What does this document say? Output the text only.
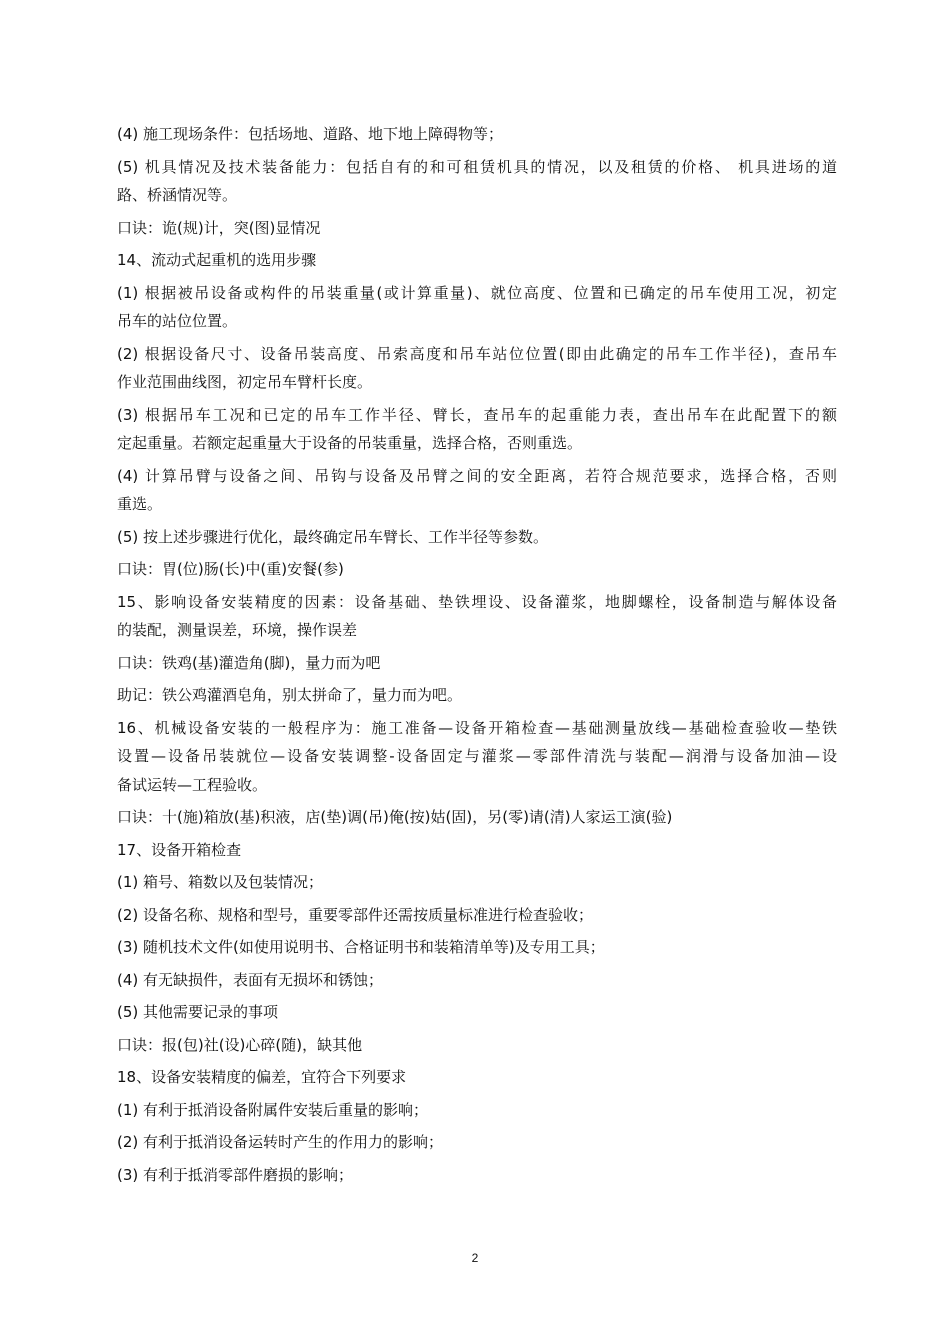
(4) 施工现场条件：包括场地、道路、地下地上障碍物等；
(5) 机具情况及技术装备能力：包括自有的和可租赁机具的情况，以及租赁的价格、 机具进场的道
路、桥涵情况等。
口诀：诡(规)计，突(图)显情况
14、流动式起重机的选用步骤
(1) 根据被吊设备或构件的吊装重量(或计算重量)、就位高度、位置和已确定的吊车使用工况，初定
吊车的站位位置。
(2) 根据设备尺寸、设备吊装高度、吊索高度和吊车站位位置(即由此确定的吊车工作半径)，查吊车
作业范围曲线图，初定吊车臂杆长度。
(3) 根据吊车工况和已定的吊车工作半径、臂长，查吊车的起重能力表，查出吊车在此配置下的额
定起重量。若额定起重量大于设备的吊装重量，选择合格，否则重选。
(4) 计算吊臂与设备之间、吊钩与设备及吊臂之间的安全距离，若符合规范要求，选择合格，否则
重选。
(5) 按上述步骤进行优化，最终确定吊车臂长、工作半径等参数。
口诀：胃(位)肠(长)中(重)安餐(参)
15、影响设备安装精度的因素：设备基础、垫铁埋设、设备灌浆，地脚螺栓，设备制造与解体设备
的装配，测量误差，环境，操作误差
口诀：铁鸡(基)灌造角(脚)，量力而为吧
助记：铁公鸡灌酒皂角，别太拼命了，量力而为吧。
16、机械设备安装的一般程序为：施工准备—设备开箱检查—基础测量放线—基础检查验收—垫铁
设置—设备吊装就位—设备安装调整-设备固定与灌浆—零部件清洗与装配—润滑与设备加油—设
备试运转—工程验收。
口诀：十(施)箱放(基)积液，店(垫)调(吊)俺(按)姑(固)，另(零)请(清)人家运工演(验)
17、设备开箱检查
(1) 箱号、箱数以及包装情况；
(2) 设备名称、规格和型号，重要零部件还需按质量标准进行检查验收；
(3) 随机技术文件(如使用说明书、合格证明书和装箱清单等)及专用工具；
(4) 有无缺损件，表面有无损坏和锈蚀；
(5) 其他需要记录的事项
口诀：报(包)社(设)心碎(随)，缺其他
18、设备安装精度的偏差，宜符合下列要求
(1) 有利于抵消设备附属件安装后重量的影响；
(2) 有利于抵消设备运转时产生的作用力的影响；
(3) 有利于抵消零部件磨损的影响；
2
